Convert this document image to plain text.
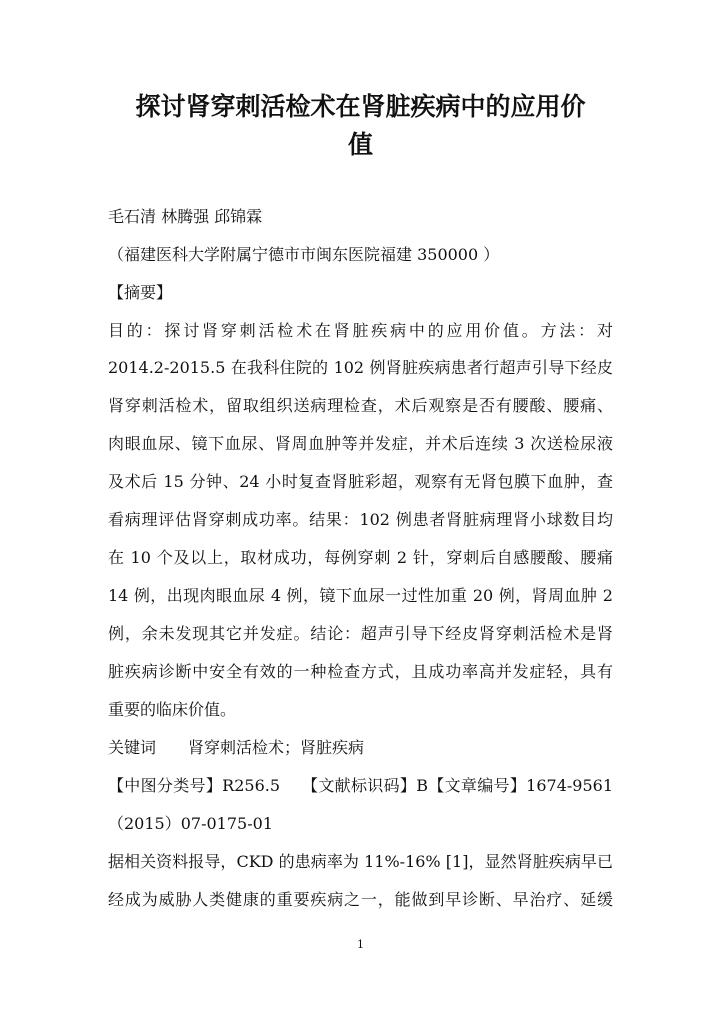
探讨肾穿刺活检术在肾脏疾病中的应用价
值

毛石清 林腾强 邱锦霖

（福建医科大学附属宁德市市闽东医院福建 350000 ）

【摘要】

目的：探讨肾穿刺活检术在肾脏疾病中的应用价值。方法：对

2014.2-2015.5 在我科住院的 102 例肾脏疾病患者行超声引导下经皮

肾穿刺活检术，留取组织送病理检查，术后观察是否有腰酸、腰痛、

肉眼血尿、镜下血尿、肾周血肿等并发症，并术后连续 3 次送检尿液

及术后 15 分钟、24 小时复查肾脏彩超，观察有无肾包膜下血肿，查

看病理评估肾穿刺成功率。结果：102 例患者肾脏病理肾小球数目均

在 10 个及以上，取材成功，每例穿刺 2 针，穿刺后自感腰酸、腰痛

14 例，出现肉眼血尿 4 例，镜下血尿一过性加重 20 例，肾周血肿 2

例，余未发现其它并发症。结论：超声引导下经皮肾穿刺活检术是肾

脏疾病诊断中安全有效的一种检查方式，且成功率高并发症轻，具有

重要的临床价值。

关键词 肾穿刺活检术；肾脏疾病

【中图分类号】R256.5　 【文献标识码】B【文章编号】1674-9561

（2015）07-0175-01

据相关资料报导，CKD 的患病率为 11%-16% [1]，显然肾脏疾病早已

经成为威胁人类健康的重要疾病之一，能做到早诊断、早治疗、延缓

1
